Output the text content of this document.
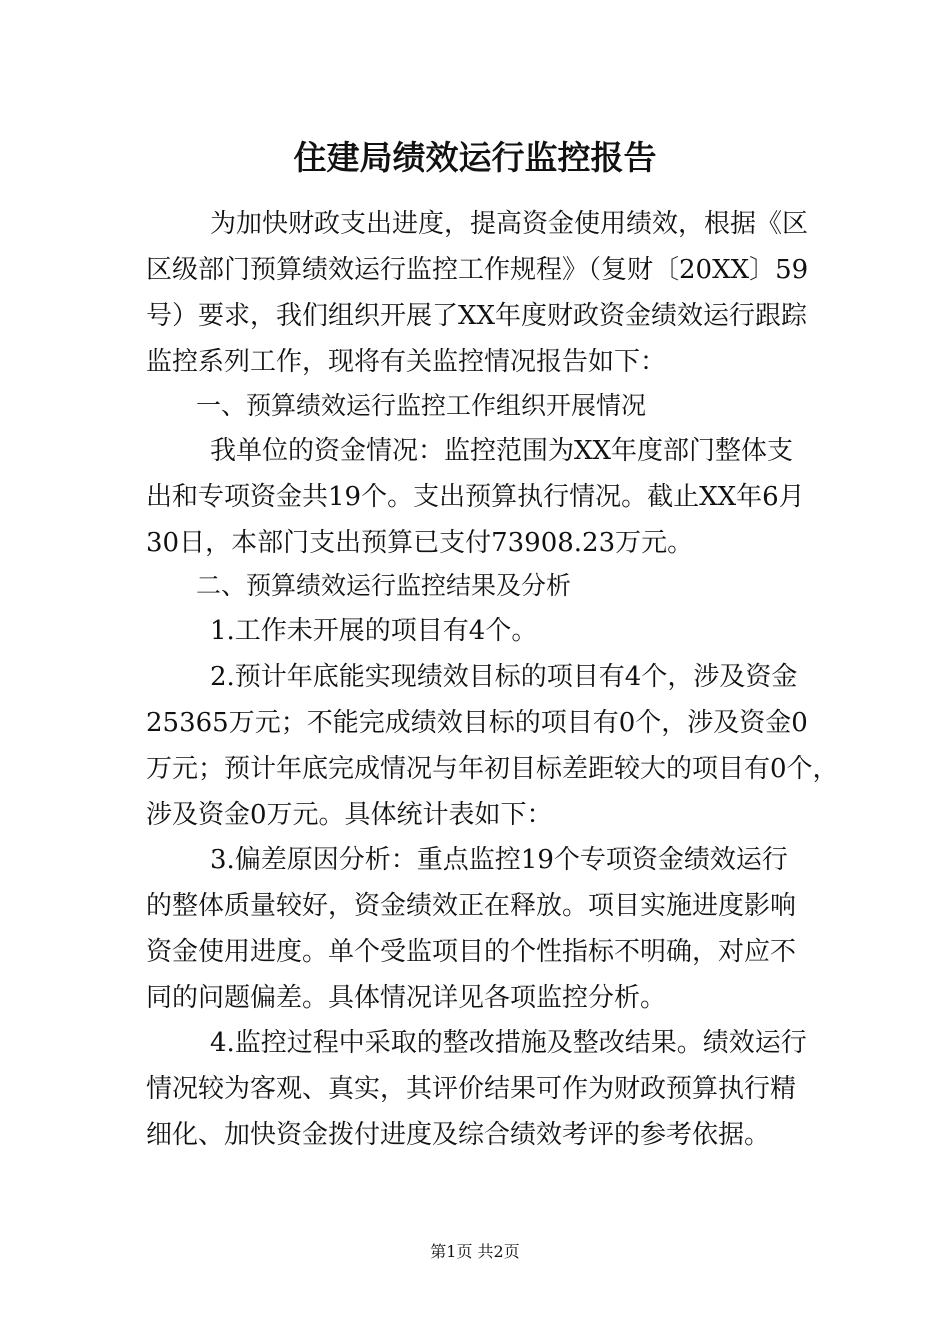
住建局绩效运行监控报告
为加快财政支出进度，提高资金使用绩效，根据《区
区级部门预算绩效运行监控工作规程》（复财〔20XX〕59
号）要求，我们组织开展了XX年度财政资金绩效运行跟踪
监控系列工作，现将有关监控情况报告如下：
一、预算绩效运行监控工作组织开展情况
我单位的资金情况：监控范围为XX年度部门整体支
出和专项资金共19个。支出预算执行情况。截止XX年6月
30日，本部门支出预算已支付73908.23万元。
二、预算绩效运行监控结果及分析
1.工作未开展的项目有4个。
2.预计年底能实现绩效目标的项目有4个，涉及资金
25365万元；不能完成绩效目标的项目有0个，涉及资金0
万元；预计年底完成情况与年初目标差距较大的项目有0个，
涉及资金0万元。具体统计表如下：
3.偏差原因分析：重点监控19个专项资金绩效运行
的整体质量较好，资金绩效正在释放。项目实施进度影响
资金使用进度。单个受监项目的个性指标不明确，对应不
同的问题偏差。具体情况详见各项监控分析。
4.监控过程中采取的整改措施及整改结果。绩效运行
情况较为客观、真实，其评价结果可作为财政预算执行精
细化、加快资金拨付进度及综合绩效考评的参考依据。
第1页 共2页
